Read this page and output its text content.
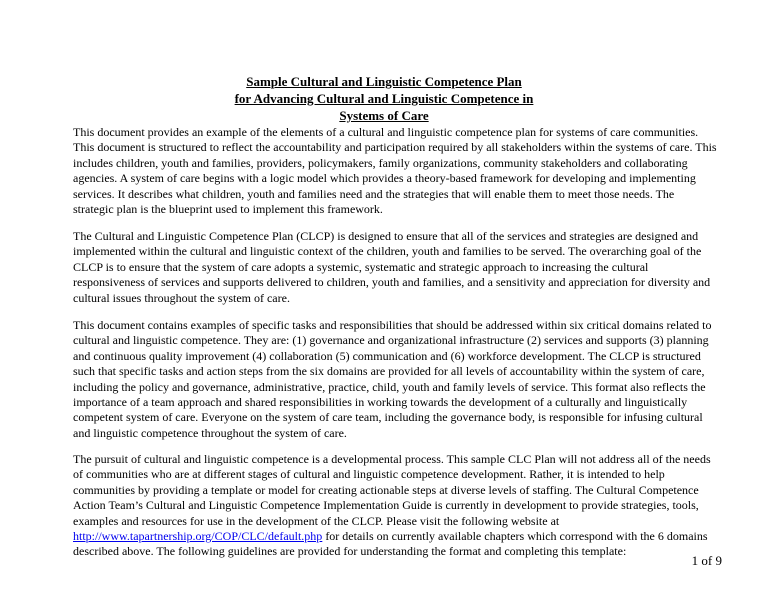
Sample Cultural and Linguistic Competence Plan
for Advancing Cultural and Linguistic Competence in
Systems of Care
This document provides an example of the elements of a cultural and linguistic competence plan for systems of care communities.
This document is structured to reflect the accountability and participation required by all stakeholders within the systems of care. This
includes children, youth and families, providers, policymakers, family organizations, community stakeholders and collaborating
agencies. A system of care begins with a logic model which provides a theory-based framework for developing and implementing
services. It describes what children, youth and families need and the strategies that will enable them to meet those needs. The
strategic plan is the blueprint used to implement this framework.
The Cultural and Linguistic Competence Plan (CLCP) is designed to ensure that all of the services and strategies are designed and
implemented within the cultural and linguistic context of the children, youth and families to be served. The overarching goal of the
CLCP is to ensure that the system of care adopts a systemic, systematic and strategic approach to increasing the cultural
responsiveness of services and supports delivered to children, youth and families, and a sensitivity and appreciation for diversity and
cultural issues throughout the system of care.
This document contains examples of specific tasks and responsibilities that should be addressed within six critical domains related to
cultural and linguistic competence. They are: (1) governance and organizational infrastructure (2) services and supports (3) planning
and continuous quality improvement (4) collaboration (5) communication and (6) workforce development. The CLCP is structured
such that specific tasks and action steps from the six domains are provided for all levels of accountability within the system of care,
including the policy and governance, administrative, practice, child, youth and family levels of service. This format also reflects the
importance of a team approach and shared responsibilities in working towards the development of a culturally and linguistically
competent system of care. Everyone on the system of care team, including the governance body, is responsible for infusing cultural
and linguistic competence throughout the system of care.
The pursuit of cultural and linguistic competence is a developmental process. This sample CLC Plan will not address all of the needs
of communities who are at different stages of cultural and linguistic competence development. Rather, it is intended to help
communities by providing a template or model for creating actionable steps at diverse levels of staffing. The Cultural Competence
Action Team’s Cultural and Linguistic Competence Implementation Guide is currently in development to provide strategies, tools,
examples and resources for use in the development of the CLCP. Please visit the following website at
http://www.tapartnership.org/COP/CLC/default.php for details on currently available chapters which correspond with the 6 domains
described above. The following guidelines are provided for understanding the format and completing this template:
1 of 9
